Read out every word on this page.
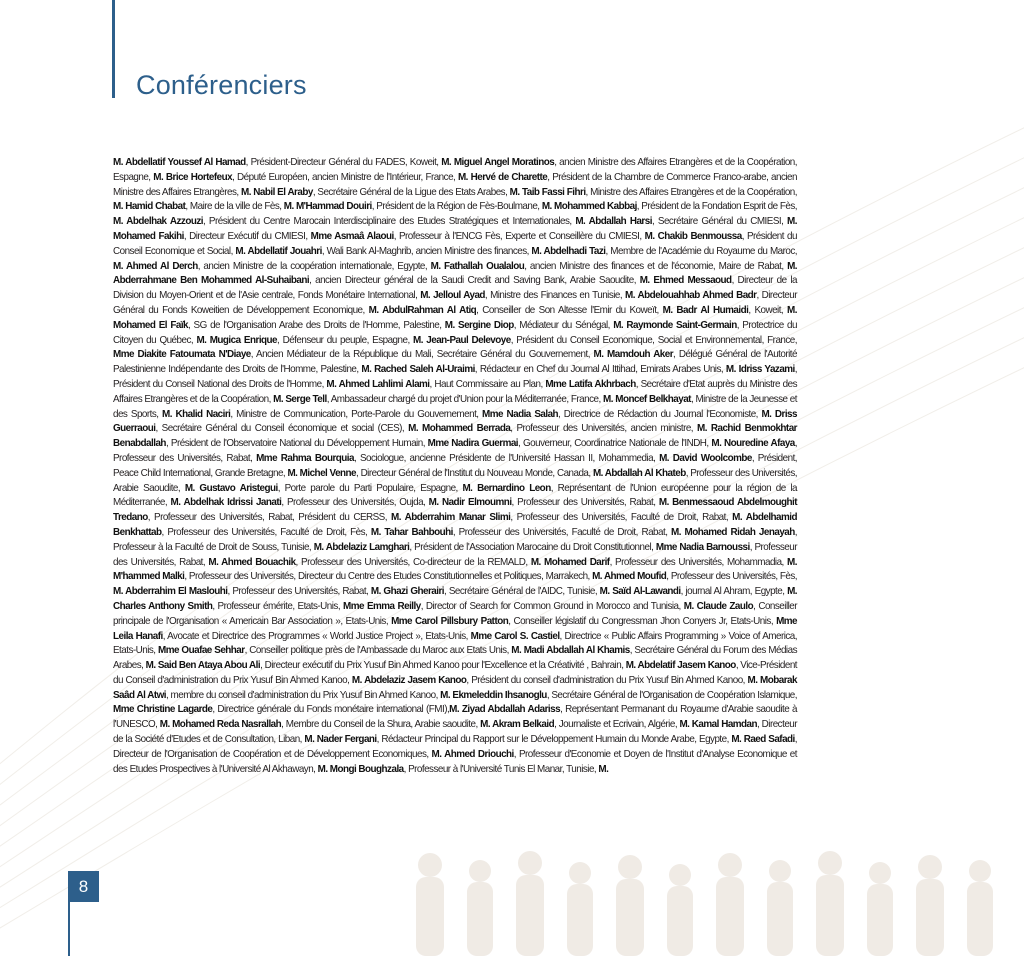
Conférenciers

M. Abdellatif Youssef Al Hamad, Président-Directeur Général du FADES, Koweit, M. Miguel Angel Moratinos, ancien Ministre des Affaires Etrangères et de la Coopération, Espagne, M. Brice Hortefeux, Député Européen, ancien Ministre de l'Intérieur, France, M. Hervé de Charette, Président de la Chambre de Commerce Franco-arabe, ancien Ministre des Affaires Etrangères, M. Nabil El Araby, Secrétaire Général de la Ligue des Etats Arabes, M. Taib Fassi Fihri, Ministre des Affaires Etrangères et de la Coopération, M. Hamid Chabat, Maire de la ville de Fès, M. M'Hammad Douiri, Président de la Région de Fès-Boulmane, M. Mohammed Kabbaj, Président de la Fondation Esprit de Fès, M. Abdelhak Azzouzi, Président du Centre Marocain Interdisciplinaire des Etudes Stratégiques et Internationales, M. Abdallah Harsi, Secrétaire Général du CMIESI, M. Mohamed Fakihi, Directeur Exécutif du CMIESI, Mme Asmaâ Alaoui, Professeur à l'ENCG Fès, Experte et Conseillère du CMIESI, M. Chakib Benmoussa, Président du Conseil Economique et Social, M. Abdellatif Jouahri, Wali Bank Al-Maghrib, ancien Ministre des finances, M. Abdelhadi Tazi, Membre de l'Académie du Royaume du Maroc, M. Ahmed Al Derch, ancien Ministre de la coopération internationale, Egypte, M. Fathallah Oualalou, ancien Ministre des finances et de l'économie, Maire de Rabat, M. Abderrahmane Ben Mohammed Al-Suhaibani, ancien Directeur général de la Saudi Credit and Saving Bank, Arabie Saoudite, M. Ehmed Messaoud, Directeur de la Division du Moyen-Orient et de l'Asie centrale, Fonds Monétaire International, M. Jelloul Ayad, Ministre des Finances en Tunisie, M. Abdelouahhab Ahmed Badr, Directeur Général du Fonds Koweitien de Développement Economique, M. AbdulRahman Al Atiq, Conseiller de Son Altesse l'Emir du Koweït, M. Badr Al Humaidi, Koweit, M. Mohamed El Faïk, SG de l'Organisation Arabe des Droits de l'Homme, Palestine, M. Sergine Diop, Médiateur du Sénégal, M. Raymonde Saint-Germain, Protectrice du Citoyen du Québec, M. Mugica Enrique, Défenseur du peuple, Espagne, M. Jean-Paul Delevoye, Président du Conseil Economique, Social et Environnemental, France, Mme Diakite Fatoumata N'Diaye, Ancien Médiateur de la République du Mali, Secrétaire Général du Gouvernement, M. Mamdouh Aker, Délégué Général de l'Autorité Palestinienne Indépendante des Droits de l'Homme, Palestine, M. Rached Saleh Al-Uraimi, Rédacteur en Chef du Journal Al Ittihad, Emirats Arabes Unis, M. Idriss Yazami, Président du Conseil National des Droits de l'Homme, M. Ahmed Lahlimi Alami, Haut Commissaire au Plan, Mme Latifa Akhrbach, Secrétaire d'Etat auprès du Ministre des Affaires Etrangères et de la Coopération, M. Serge Tell, Ambassadeur chargé du projet d'Union pour la Méditerranée, France, M. Moncef Belkhayat, Ministre de la Jeunesse et des Sports, M. Khalid Naciri, Ministre de Communication, Porte-Parole du Gouvernement, Mme Nadia Salah, Directrice de Rédaction du Journal l'Economiste, M. Driss Guerraoui, Secrétaire Général du Conseil économique et social (CES), M. Mohammed Berrada, Professeur des Universités, ancien ministre, M. Rachid Benmokhtar Benabdallah, Président de l'Observatoire National du Développement Humain, Mme Nadira Guermai, Gouverneur, Coordinatrice Nationale de l'INDH, M. Nouredine Afaya, Professeur des Universités, Rabat, Mme Rahma Bourquia, Sociologue, ancienne Présidente de l'Université Hassan II, Mohammedia, M. David Woolcombe, Président, Peace Child International, Grande Bretagne, M. Michel Venne, Directeur Général de l'Institut du Nouveau Monde, Canada, M. Abdallah Al Khateb, Professeur des Universités, Arabie Saoudite, M. Gustavo Aristegui, Porte parole du Parti Populaire, Espagne, M. Bernardino Leon, Représentant de l'Union européenne pour la région de la Méditerranée, M. Abdelhak Idrissi Janati, Professeur des Universités, Oujda, M. Nadir Elmoumni, Professeur des Universités, Rabat, M. Benmessaoud Abdelmoughit Tredano, Professeur des Universités, Rabat, Président du CERSS, M. Abderrahim Manar Slimi, Professeur des Universités, Faculté de Droit, Rabat, M. Abdelhamid Benkhattab, Professeur des Universités, Faculté de Droit, Fès, M. Tahar Bahbouhi, Professeur des Universités, Faculté de Droit, Rabat, M. Mohamed Ridah Jenayah, Professeur à la Faculté de Droit de Souss, Tunisie, M. Abdelaziz Lamghari, Président de l'Association Marocaine du Droit Constitutionnel, Mme Nadia Barnoussi, Professeur des Universités, Rabat, M. Ahmed Bouachik, Professeur des Universités, Co-directeur de la REMALD, M. Mohamed Darif, Professeur des Universités, Mohammadia, M. M'hammed Malki, Professeur des Universités, Directeur du Centre des Etudes Constitutionnelles et Politiques, Marrakech, M. Ahmed Moufid, Professeur des Universités, Fès, M. Abderrahim El Maslouhi, Professeur des Universités, Rabat, M. Ghazi Gherairi, Secrétaire Général de l'AIDC, Tunisie, M. Saïd Al-Lawandi, journal Al Ahram, Egypte, M. Charles Anthony Smith, Professeur émérite, Etats-Unis, Mme Emma Reilly, Director of Search for Common Ground in Morocco and Tunisia, M. Claude Zaulo, Conseiller principale de l'Organisation « Americain Bar Association », Etats-Unis, Mme Carol Pillsbury Patton, Conseiller législatif du Congressman Jhon Conyers Jr, Etats-Unis, Mme Leila Hanafi, Avocate et Directrice des Programmes « World Justice Project », Etats-Unis, Mme Carol S. Castiel, Directrice « Public Affairs Programming » Voice of America, Etats-Unis, Mme Ouafae Sehhar, Conseiller politique près de l'Ambassade du Maroc aux Etats Unis, M. Madi Abdallah Al Khamis, Secrétaire Général du Forum des Médias Arabes, M. Said Ben Ataya Abou Ali, Directeur exécutif du Prix Yusuf Bin Ahmed Kanoo pour l'Excellence et la Créativité , Bahrain, M. Abdelatif Jasem Kanoo, Vice-Président du Conseil d'administration du Prix Yusuf Bin Ahmed Kanoo, M. Abdelaziz Jasem Kanoo, Président du conseil d'administration du Prix Yusuf Bin Ahmed Kanoo, M. Mobarak Saâd Al Atwi, membre du conseil d'administration du Prix Yusuf Bin Ahmed Kanoo, M. Ekmeleddin Ihsanoglu, Secrétaire Général de l'Organisation de Coopération Islamique, Mme Christine Lagarde, Directrice générale du Fonds monétaire international (FMI),M. Ziyad Abdallah Adariss, Représentant Permanant du Royaume d'Arabie saoudite à l'UNESCO, M. Mohamed Reda Nasrallah, Membre du Conseil de la Shura, Arabie saoudite, M. Akram Belkaid, Journaliste et Ecrivain, Algérie, M. Kamal Hamdan, Directeur de la Société d'Etudes et de Consultation, Liban, M. Nader Fergani, Rédacteur Principal du Rapport sur le Développement Humain du Monde Arabe, Egypte, M. Raed Safadi, Directeur de l'Organisation de Coopération et de Développement Economiques, M. Ahmed Driouchi, Professeur d'Economie et Doyen de l'Institut d'Analyse Economique et des Etudes Prospectives à l'Université Al Akhawayn, M. Mongi Boughzala, Professeur à l'Université Tunis El Manar, Tunisie, M.

8
